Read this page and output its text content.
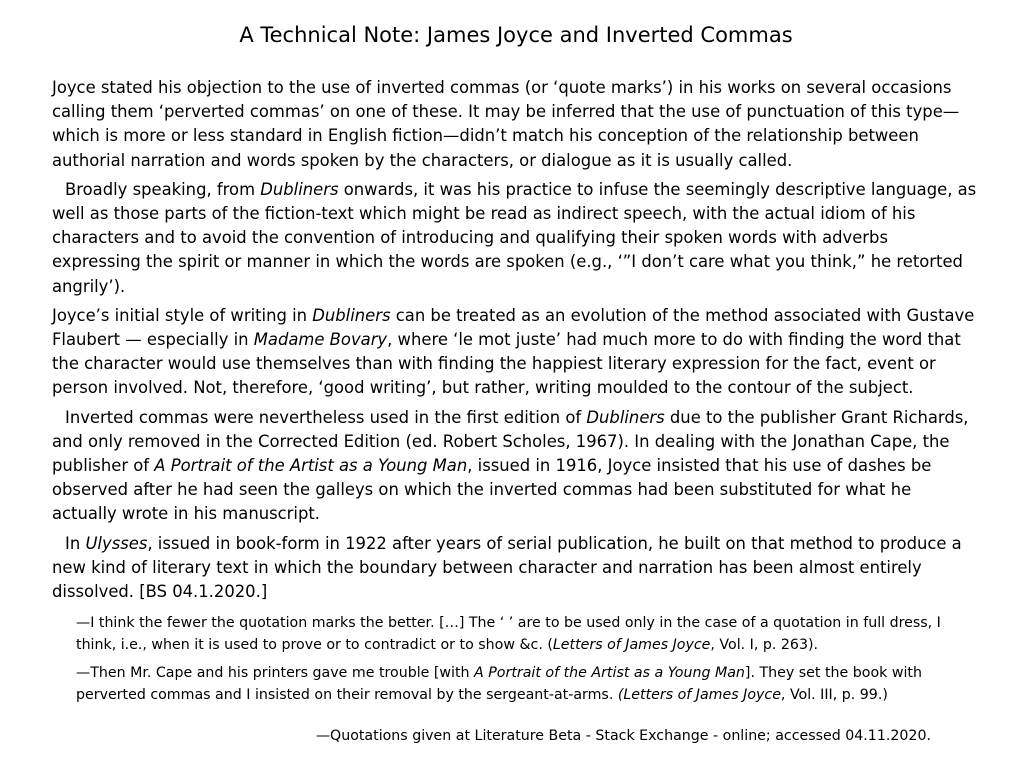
A Technical Note: James Joyce and Inverted Commas

Joyce stated his objection to the use of inverted commas (or ‘quote marks’) in his works on several occasions calling them ‘perverted commas’ on one of these. It may be inferred that the use of punctuation of this type—which is more or less standard in English fiction—didn’t match his conception of the relationship between authorial narration and words spoken by the characters, or dialogue as it is usually called.

Broadly speaking, from Dubliners onwards, it was his practice to infuse the seemingly descriptive language, as well as those parts of the fiction-text which might be read as indirect speech, with the actual idiom of his characters and to avoid the convention of introducing and qualifying their spoken words with adverbs expressing the spirit or manner in which the words are spoken (e.g., ‘”I don’t care what you think,” he retorted angrily’).

Joyce’s initial style of writing in Dubliners can be treated as an evolution of the method associated with Gustave Flaubert — especially in Madame Bovary, where ‘le mot juste’ had much more to do with finding the word that the character would use themselves than with finding the happiest literary expression for the fact, event or person involved. Not, therefore, ‘good writing’, but rather, writing moulded to the contour of the subject.

Inverted commas were nevertheless used in the first edition of Dubliners due to the publisher Grant Richards, and only removed in the Corrected Edition (ed. Robert Scholes, 1967). In dealing with the Jonathan Cape, the publisher of A Portrait of the Artist as a Young Man, issued in 1916, Joyce insisted that his use of dashes be observed after he had seen the galleys on which the inverted commas had been substituted for what he actually wrote in his manuscript.

In Ulysses, issued in book-form in 1922 after years of serial publication, he built on that method to produce a new kind of literary text in which the boundary between character and narration has been almost entirely dissolved. [BS 04.1.2020.]

—I think the fewer the quotation marks the better. […] The ‘ ’ are to be used only in the case of a quotation in full dress, I think, i.e., when it is used to prove or to contradict or to show &c. (Letters of James Joyce, Vol. I, p. 263).

—Then Mr. Cape and his printers gave me trouble [with A Portrait of the Artist as a Young Man]. They set the book with perverted commas and I insisted on their removal by the sergeant-at-arms. (Letters of James Joyce, Vol. III, p. 99.)

—Quotations given at Literature Beta - Stack Exchange - online; accessed 04.11.2020.
